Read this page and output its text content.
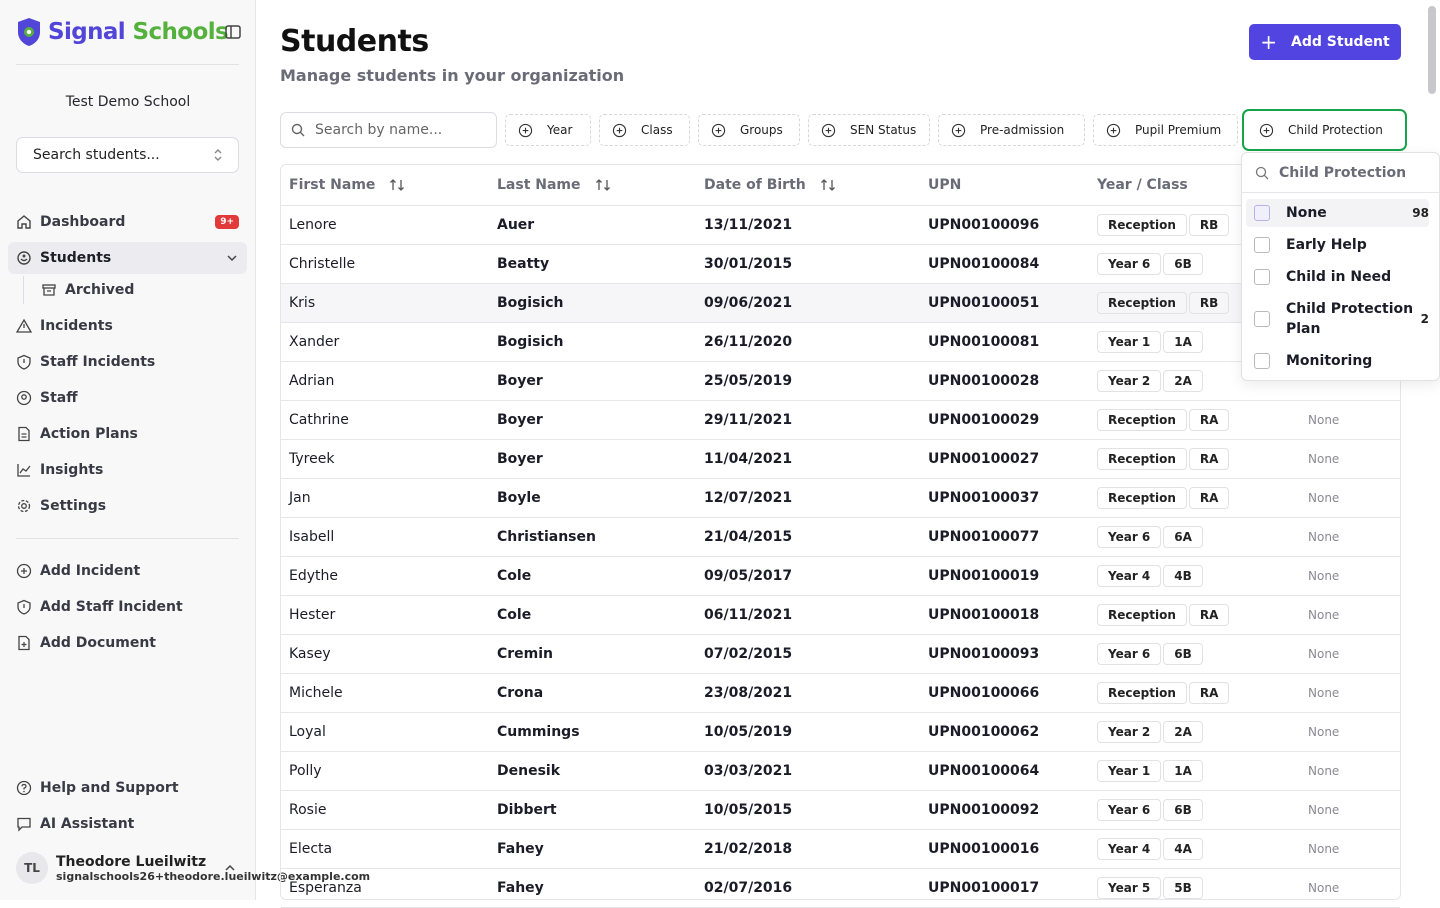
Signal Schools
Test Demo School
Search students...
Dashboard	9+
Students
Archived
Incidents
Staff Incidents
Staff
Action Plans
Insights
Settings
Add Incident
Add Staff Incident
Add Document
Help and Support
AI Assistant
TL	Theodore Lueilwitz
signalschools26+theodore.lueilwitz@example.com
Students
Manage students in your organization
+ Add Student
Search by name...	Year	Class	Groups	SEN Status	Pre-admission	Pupil Premium	Child Protection
First Name	Last Name	Date of Birth	UPN	Year / Class	
Lenore	Auer	13/11/2021	UPN00100096	Reception RB	
Christelle	Beatty	30/01/2015	UPN00100084	Year 6 6B	
Kris	Bogisich	09/06/2021	UPN00100051	Reception RB	
Xander	Bogisich	26/11/2020	UPN00100081	Year 1 1A	
Adrian	Boyer	25/05/2019	UPN00100028	Year 2 2A	
Cathrine	Boyer	29/11/2021	UPN00100029	Reception RA	None
Tyreek	Boyer	11/04/2021	UPN00100027	Reception RA	None
Jan	Boyle	12/07/2021	UPN00100037	Reception RA	None
Isabell	Christiansen	21/04/2015	UPN00100077	Year 6 6A	None
Edythe	Cole	09/05/2017	UPN00100019	Year 4 4B	None
Hester	Cole	06/11/2021	UPN00100018	Reception RA	None
Kasey	Cremin	07/02/2015	UPN00100093	Year 6 6B	None
Michele	Crona	23/08/2021	UPN00100066	Reception RA	None
Loyal	Cummings	10/05/2019	UPN00100062	Year 2 2A	None
Polly	Denesik	03/03/2021	UPN00100064	Year 1 1A	None
Rosie	Dibbert	10/05/2015	UPN00100092	Year 6 6B	None
Electa	Fahey	21/02/2018	UPN00100016	Year 4 4A	None
Esperanza	Fahey	02/07/2016	UPN00100017	Year 5 5B	None
Child Protection
None	98
Early Help
Child in Need
Child Protection Plan
2
Monitoring
